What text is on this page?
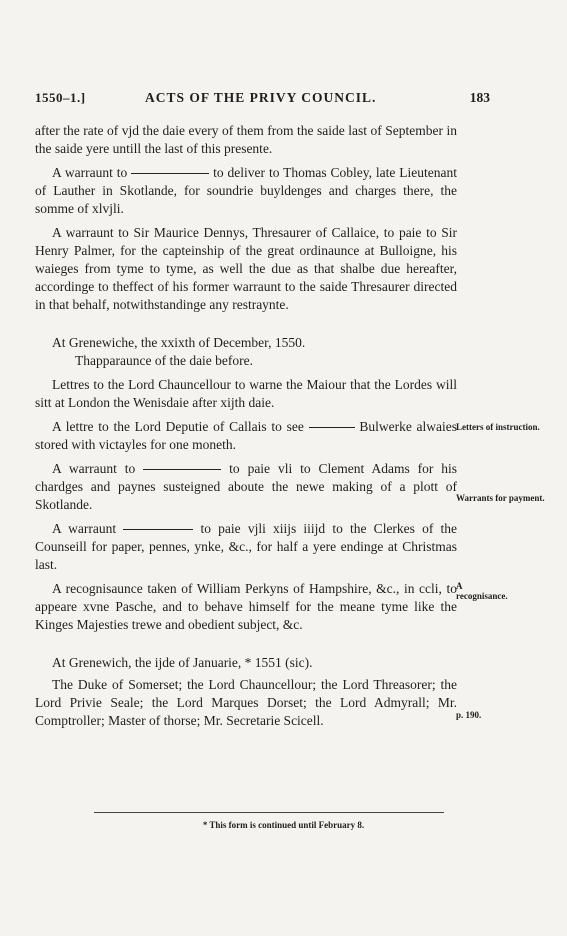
1550–1.]	ACTS OF THE PRIVY COUNCIL.	183

after the rate of vjd the daie every of them from the saide last of September in the saide yere untill the last of this presente.

A warraunt to	to deliver to Thomas Cobley, late Lieutenant of Lauther in Skotlande, for soundrie buyldenges and charges there, the somme of xlvjli.

A warraunt to Sir Maurice Dennys, Thresaurer of Callaice, to paie to Sir Henry Palmer, for the capteinship of the great ordinaunce at Bulloigne, his waieges from tyme to tyme, as well the due as that shalbe due hereafter, accordinge to theffect of his former warraunt to the saide Thresaurer directed in that behalf, notwithstandinge any restraynte.

At Grenewiche, the xxixth of December, 1550.

Thapparaunce of the daie before.

Lettres to the Lord Chauncellour to warne the Maiour that the Lordes will sitt at London the Wenisdaie after xijth daie.

A lettre to the Lord Deputie of Callais to see	Bulwerke alwaies stored with victayles for one moneth.

A warraunt to	to paie vli to Clement Adams for his chardges and paynes susteigned aboute the newe making of a plott of Skotlande.

A warraunt	to paie vjli xiijs iiijd to the Clerkes of the Counseill for paper, pennes, ynke, &c., for half a yere endinge at Christmas last.

A recognisaunce taken of William Perkyns of Hampshire, &c., in ccli, to appeare xvne Pasche, and to behave himself for the meane tyme like the Kinges Majesties trewe and obedient subject, &c.

At Grenewich, the ijde of Januarie, * 1551 (sic).

The Duke of Somerset; the Lord Chauncellour; the Lord Threasorer; the Lord Privie Seale; the Lord Marques Dorset; the Lord Admyrall; Mr. Comptroller; Master of thorse; Mr. Secretarie Scicell.

Letters of instruction.
Warrants for payment.
A recognisance.
p. 190.
* This form is continued until February 8.
